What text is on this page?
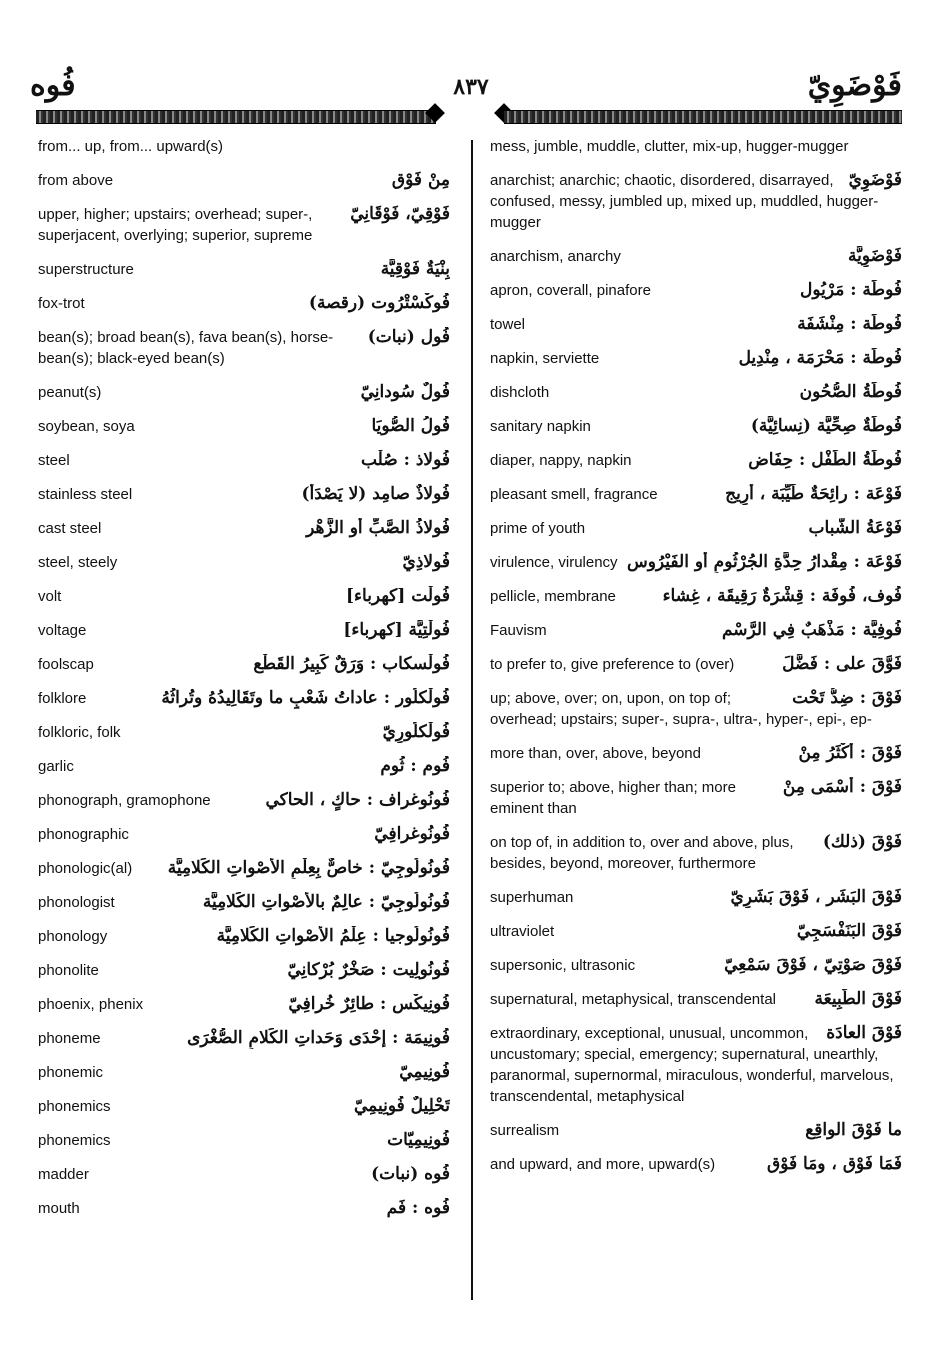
فُوه	٨٣٧	فَوْضَوِيّ
from... up, from... upward(s)
مِنْ فَوْق
from above
فَوْقِيّ، فَوْقَانِيّ
upper, higher; upstairs; overhead; super-, superjacent, overlying; superior, supreme
بِنْيَةٌ فَوْقِيَّة
superstructure
فُوكْسْتْرُوت (رقصة)
fox-trot
فُول (نبات)
bean(s); broad bean(s), fava bean(s), horse-bean(s); black-eyed bean(s)
فُولٌ سُودانِيّ
peanut(s)
فُولُ الصُّويَا
soybean, soya
فُولاذ : صُلْب
steel
فُولاذٌ صامِد (لا يَصْدَأ)
stainless steel
فُولاذُ الصَّبِّ أو الزَّهْر
cast steel
فُولاذِيّ
steel, steely
فُولْت [كهرباء]
volt
فُولْتِيَّة [كهرباء]
voltage
فُولْسكاب : وَرَقٌ كَبِيرُ القَطْع
foolscap
فُولْكلُور : عاداتُ شَعْبٍ ما وتَقَالِيدُهُ وتُراثُهُ
folklore
فُولْكلُورِيّ
folkloric, folk
فُوم : ثُوم
garlic
فُونُوغراف : حاكٍ ، الحاكي
phonograph, gramophone
فُونُوغرافِيّ
phonographic
فُونُولُوجِيّ : خاصٌّ بِعِلْمِ الأَصْواتِ الكَلامِيَّة
phonologic(al)
فُونُولُوجِيّ : عالِمٌ بالأَصْواتِ الكَلامِيَّة
phonologist
فُونُولُوجيا : عِلْمُ الأَصْواتِ الكَلامِيَّة
phonology
فُونُولِيت : صَخْرٌ بُرْكانِيّ
phonolite
فُونِيكْس : طائِرٌ خُرافِيّ
phoenix, phenix
فُونِيمَة : إحْدَى وَحَداتِ الكَلامِ الصُّغْرَى
phoneme
فُونِيمِيّ
phonemic
تَحْلِيلٌ فُونِيمِيّ
phonemics
فُونِيمِيّات
phonemics
فُوه (نبات)
madder
فُوه : فَم
mouth
mess, jumble, muddle, clutter, mix-up, hugger-mugger
فَوْضَوِيّ
anarchist; anarchic; chaotic, disordered, disarrayed, confused, messy, jumbled up, mixed up, muddled, hugger-mugger
فَوْضَوِيَّة
anarchism, anarchy
فُوطَة : مَرْيُول
apron, coverall, pinafore
فُوطَة : مِنْشَفَة
towel
فُوطَة : مَحْرَمَة ، مِنْدِيل
napkin, serviette
فُوطَةُ الصُّحُون
dishcloth
فُوطَةٌ صِحِّيَّة (نِسائِيَّة)
sanitary napkin
فُوطَةُ الطِّفْل : حِفَاض
diaper, nappy, napkin
فَوْعَة : رائِحَةٌ طَيِّبَة ، أَرِيج
pleasant smell, fragrance
فَوْعَةُ الشَّباب
prime of youth
فَوْعَة : مِقْدارُ حِدَّةِ الجُرْثُومِ أو الفَيْرُوس
virulence, virulency
فُوف، فُوفَة : قِشْرَةٌ رَقِيقَة ، غِشاء
pellicle, membrane
فُوفِيَّة : مَذْهَبٌ فِي الرَّسْم
Fauvism
فَوَّقَ على : فَضَّلَ
to prefer to, give preference to (over)
فَوْقَ : ضِدُّ تَحْت
up; above, over; on, upon, on top of; overhead; upstairs; super-, supra-, ultra-, hyper-, epi-, ep-
فَوْقَ : أَكْثَرُ مِنْ
more than, over, above, beyond
فَوْقَ : أَسْمَى مِنْ
superior to; above, higher than; more eminent than
فَوْقَ (ذلك)
on top of, in addition to, over and above, plus, besides, beyond, moreover, furthermore
فَوْقَ البَشَر ، فَوْقَ بَشَرِيّ
superhuman
فَوْقَ البَنَفْسَجِيّ
ultraviolet
فَوْقَ صَوْتِيّ ، فَوْقَ سَمْعِيّ
supersonic, ultrasonic
فَوْقَ الطَّبِيعَة
supernatural, metaphysical, transcendental
فَوْقَ العادَة
extraordinary, exceptional, unusual, uncommon, uncustomary; special, emergency; supernatural, unearthly, paranormal, supernormal, miraculous, wonderful, marvelous, transcendental, metaphysical
ما فَوْقَ الواقِع
surrealism
فَمَا فَوْق ، ومَا فَوْق
and upward, and more, upward(s)
